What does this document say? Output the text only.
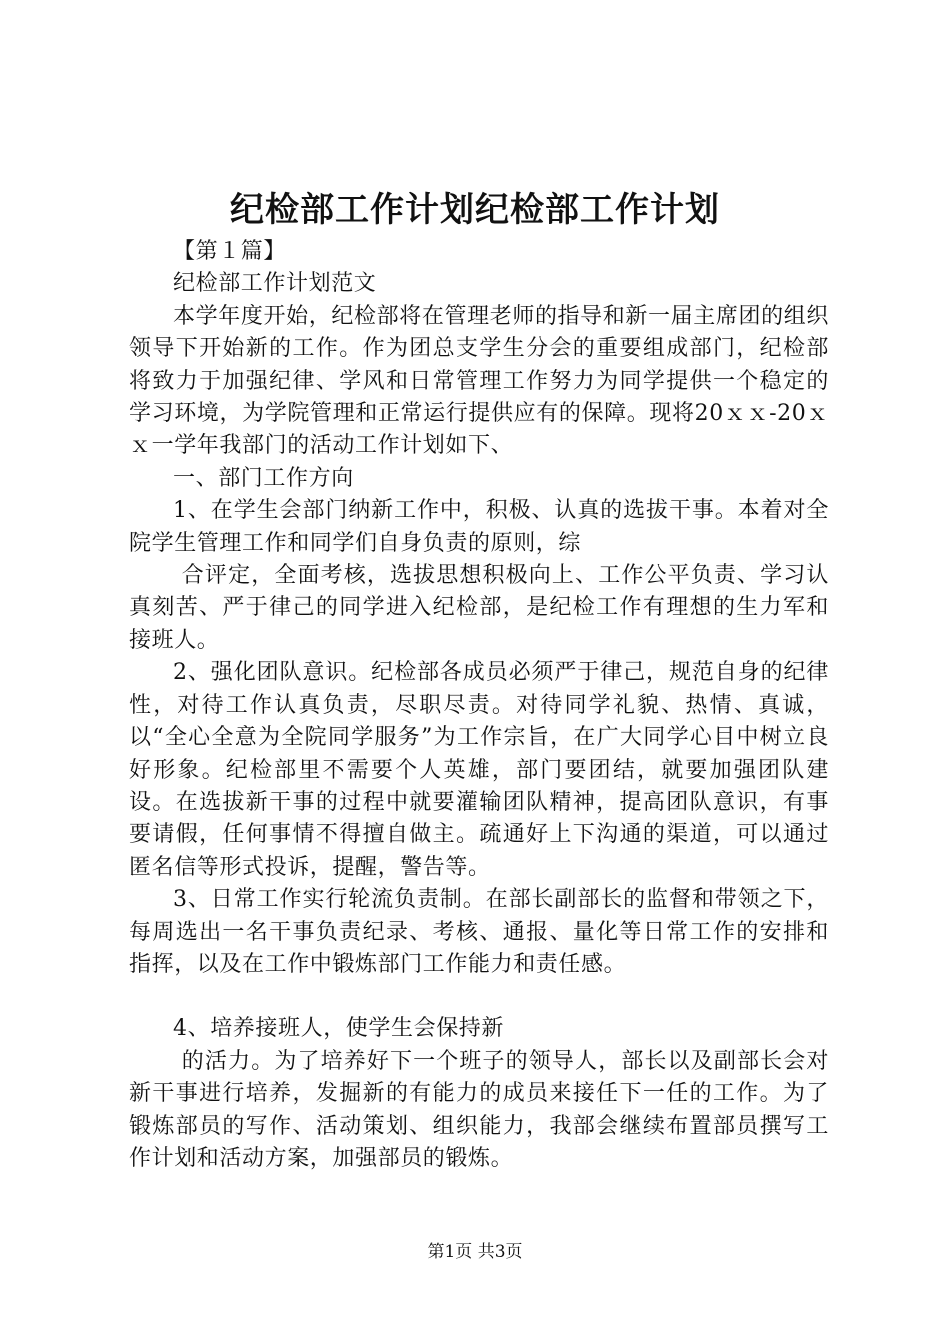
纪检部工作计划纪检部工作计划

【第１篇】

纪检部工作计划范文

本学年度开始，纪检部将在管理老师的指导和新一届主席团的组织领导下开始新的工作。作为团总支学生分会的重要组成部门，纪检部将致力于加强纪律、学风和日常管理工作努力为同学提供一个稳定的学习环境，为学院管理和正常运行提供应有的保障。现将20ｘｘ-20ｘｘ一学年我部门的活动工作计划如下、

一、部门工作方向

1、在学生会部门纳新工作中，积极、认真的选拔干事。本着对全院学生管理工作和同学们自身负责的原则，综

合评定，全面考核，选拔思想积极向上、工作公平负责、学习认真刻苦、严于律己的同学进入纪检部，是纪检工作有理想的生力军和接班人。

2、强化团队意识。纪检部各成员必须严于律己，规范自身的纪律性，对待工作认真负责，尽职尽责。对待同学礼貌、热情、真诚，以“全心全意为全院同学服务”为工作宗旨，在广大同学心目中树立良好形象。纪检部里不需要个人英雄，部门要团结，就要加强团队建设。在选拔新干事的过程中就要灌输团队精神，提高团队意识，有事要请假，任何事情不得擅自做主。疏通好上下沟通的渠道，可以通过匿名信等形式投诉，提醒，警告等。

3、日常工作实行轮流负责制。在部长副部长的监督和带领之下，每周选出一名干事负责纪录、考核、通报、量化等日常工作的安排和指挥，以及在工作中锻炼部门工作能力和责任感。

4、培养接班人，使学生会保持新

的活力。为了培养好下一个班子的领导人，部长以及副部长会对新干事进行培养，发掘新的有能力的成员来接任下一任的工作。为了锻炼部员的写作、活动策划、组织能力，我部会继续布置部员撰写工作计划和活动方案，加强部员的锻炼。

第1页 共3页
